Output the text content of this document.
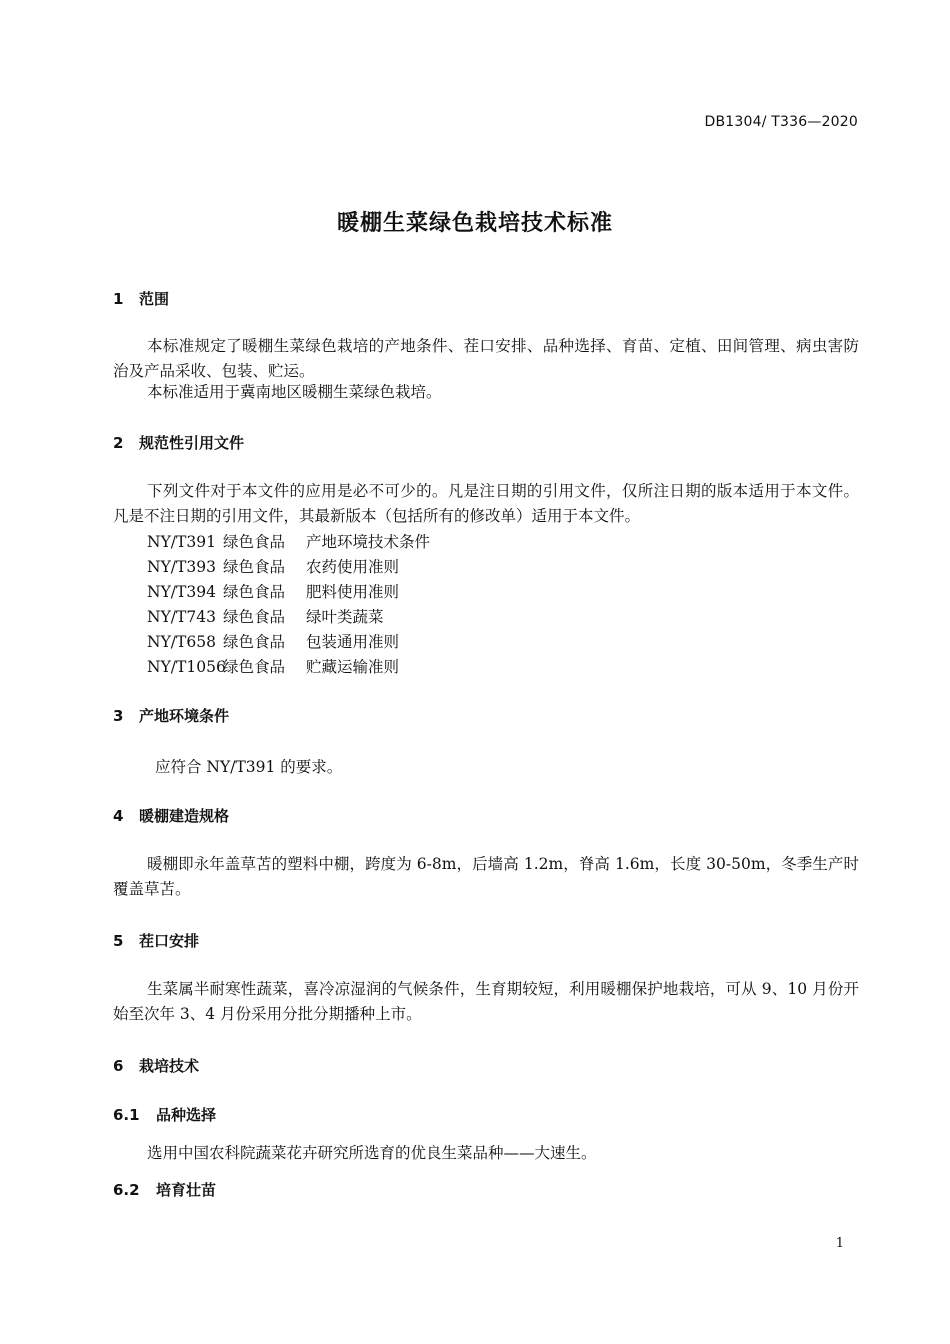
DB1304/ T336—2020
暖棚生菜绿色栽培技术标准
1 范围
本标准规定了暖棚生菜绿色栽培的产地条件、茬口安排、品种选择、育苗、定植、田间管理、病虫害防治及产品采收、包装、贮运。
本标准适用于冀南地区暖棚生菜绿色栽培。
2 规范性引用文件
下列文件对于本文件的应用是必不可少的。凡是注日期的引用文件，仅所注日期的版本适用于本文件。凡是不注日期的引用文件，其最新版本（包括所有的修改单）适用于本文件。
NY/T391 绿色食品 产地环境技术条件
NY/T393 绿色食品 农药使用准则
NY/T394 绿色食品 肥料使用准则
NY/T743 绿色食品 绿叶类蔬菜
NY/T658 绿色食品 包装通用准则
NY/T1056绿色食品 贮藏运输准则
3 产地环境条件
应符合 NY/T391 的要求。
4 暖棚建造规格
暖棚即永年盖草苫的塑料中棚，跨度为 6-8m，后墙高 1.2m，脊高 1.6m，长度 30-50m，冬季生产时覆盖草苫。
5 茬口安排
生菜属半耐寒性蔬菜，喜冷凉湿润的气候条件，生育期较短，利用暖棚保护地栽培，可从 9、10 月份开始至次年 3、4 月份采用分批分期播种上市。
6 栽培技术
6.1 品种选择
选用中国农科院蔬菜花卉研究所选育的优良生菜品种——大速生。
6.2 培育壮苗
1
